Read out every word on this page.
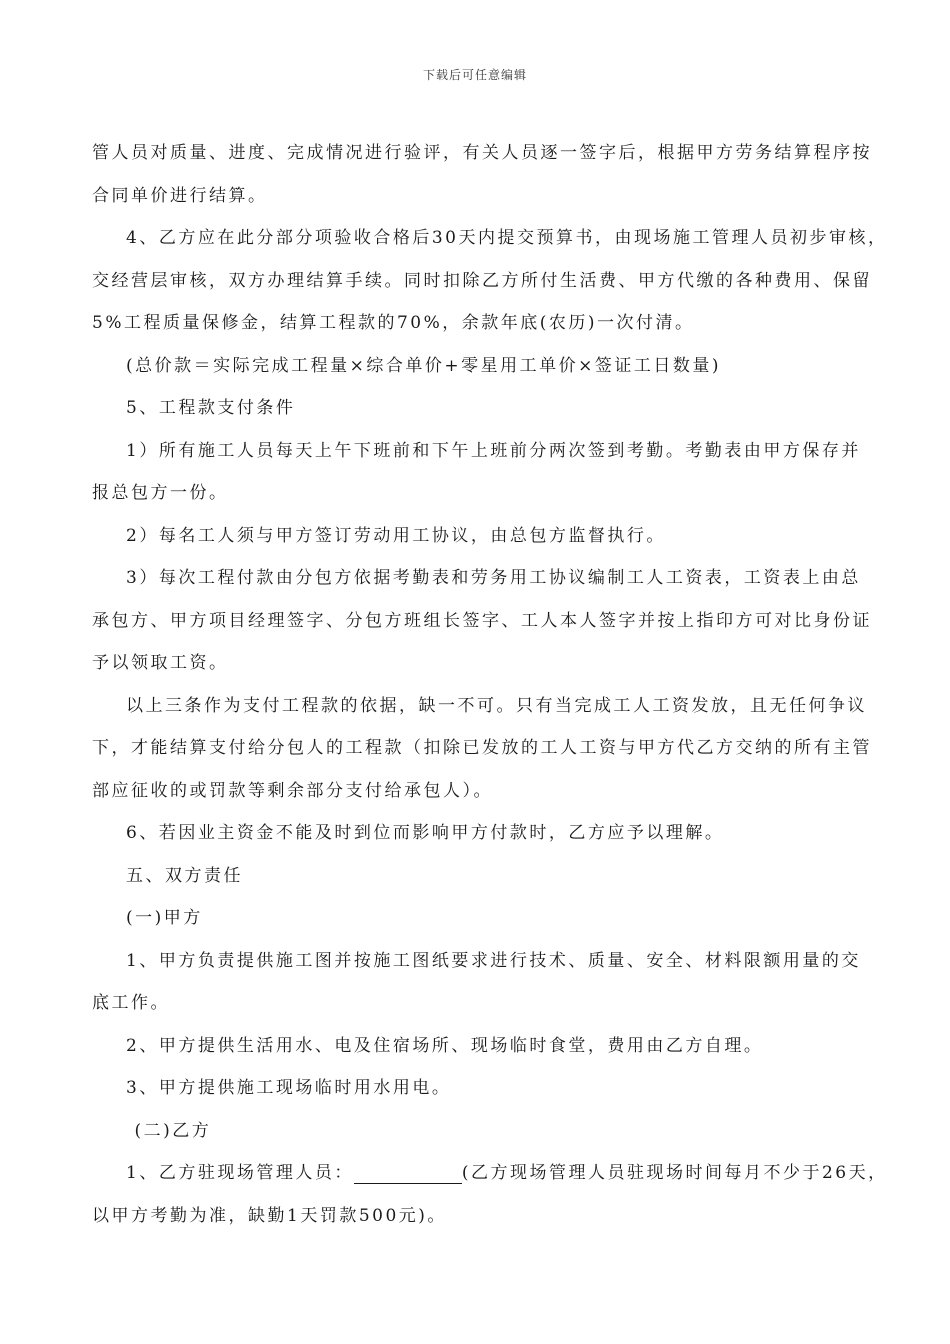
下载后可任意编辑
管人员对质量、进度、完成情况进行验评，有关人员逐一签字后，根据甲方劳务结算程序按
合同单价进行结算。
4、乙方应在此分部分项验收合格后30天内提交预算书，由现场施工管理人员初步审核，
交经营层审核，双方办理结算手续。同时扣除乙方所付生活费、甲方代缴的各种费用、保留
5%工程质量保修金，结算工程款的70%，余款年底(农历)一次付清。
(总价款＝实际完成工程量×综合单价+零星用工单价×签证工日数量)
5、工程款支付条件
1）所有施工人员每天上午下班前和下午上班前分两次签到考勤。考勤表由甲方保存并
报总包方一份。
2）每名工人须与甲方签订劳动用工协议，由总包方监督执行。
3）每次工程付款由分包方依据考勤表和劳务用工协议编制工人工资表，工资表上由总
承包方、甲方项目经理签字、分包方班组长签字、工人本人签字并按上指印方可对比身份证
予以领取工资。
以上三条作为支付工程款的依据，缺一不可。只有当完成工人工资发放，且无任何争议
下，才能结算支付给分包人的工程款（扣除已发放的工人工资与甲方代乙方交纳的所有主管
部应征收的或罚款等剩余部分支付给承包人）。
6、若因业主资金不能及时到位而影响甲方付款时，乙方应予以理解。
五、双方责任
(一)甲方
1、甲方负责提供施工图并按施工图纸要求进行技术、质量、安全、材料限额用量的交
底工作。
2、甲方提供生活用水、电及住宿场所、现场临时食堂，费用由乙方自理。
3、甲方提供施工现场临时用水用电。
(二)乙方
1、乙方驻现场管理人员：	(乙方现场管理人员驻现场时间每月不少于26天，
以甲方考勤为准，缺勤1天罚款500元)。
